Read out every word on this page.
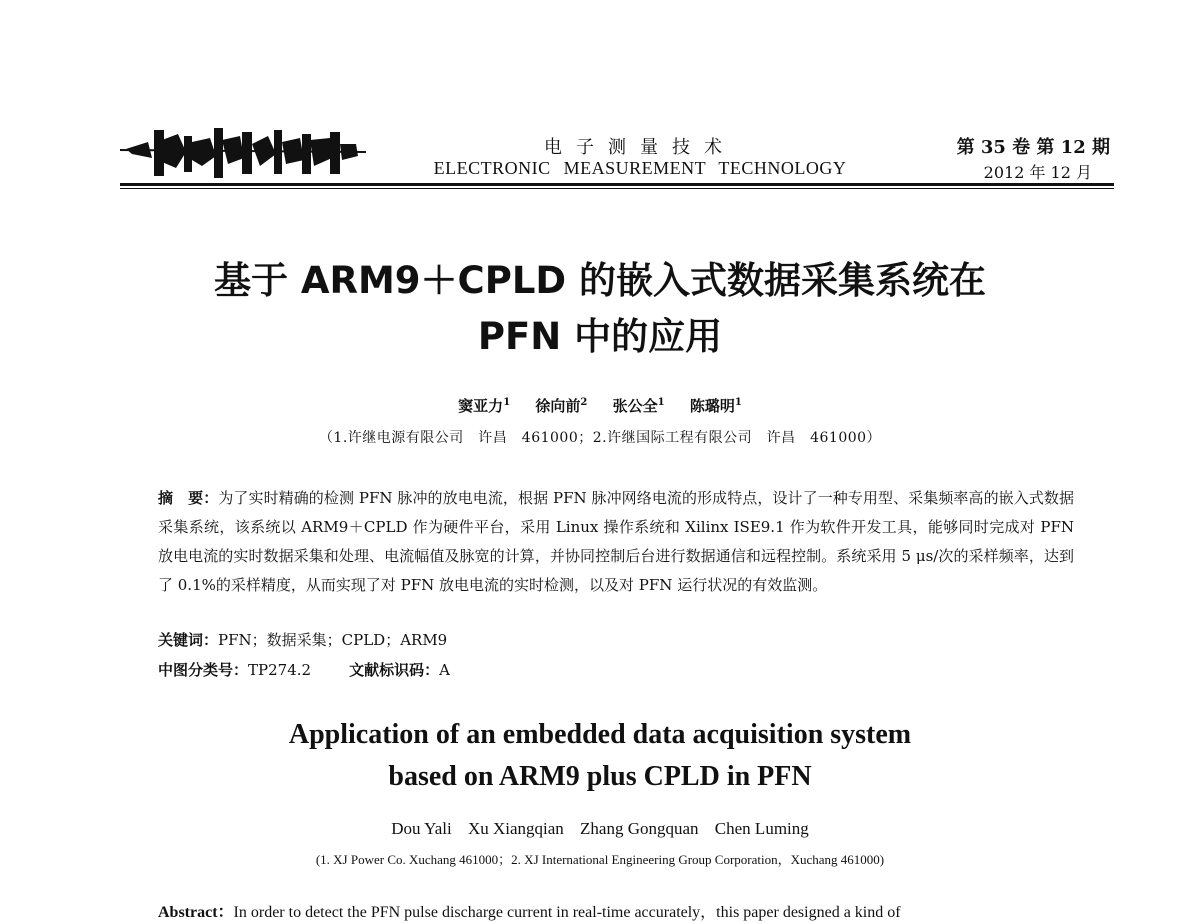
电子测量技术
ELECTRONIC MEASUREMENT TECHNOLOGY
第 35 卷 第 12 期
2012 年 12 月
基于 ARM9＋CPLD 的嵌入式数据采集系统在
PFN 中的应用
窦亚力$^1$ 徐向前$^2$ 张公全$^1$ 陈璐明$^1$
（1.许继电源有限公司　许昌　461000；2.许继国际工程有限公司　许昌　461000）
摘　要：为了实时精确的检测 PFN 脉冲的放电电流，根据 PFN 脉冲网络电流的形成特点，设计了一种专用型、采集频率高的嵌入式数据采集系统，该系统以 ARM9＋CPLD 作为硬件平台，采用 Linux 操作系统和 Xilinx ISE9.1 作为软件开发工具，能够同时完成对 PFN 放电电流的实时数据采集和处理、电流幅值及脉宽的计算，并协同控制后台进行数据通信和远程控制。系统采用 5 μs/次的采样频率，达到了 0.1%的采样精度，从而实现了对 PFN 放电电流的实时检测，以及对 PFN 运行状况的有效监测。
关键词：PFN；数据采集；CPLD；ARM9
中图分类号：TP274.2	文献标识码：A
Application of an embedded data acquisition system
based on ARM9 plus CPLD in PFN
Dou Yali Xu Xiangqian Zhang Gongquan Chen Luming
(1. XJ Power Co. Xuchang 461000；2. XJ International Engineering Group Corporation，Xuchang 461000)
Abstract：In order to detect the PFN pulse discharge current in real-time accurately，this paper designed a kind of
